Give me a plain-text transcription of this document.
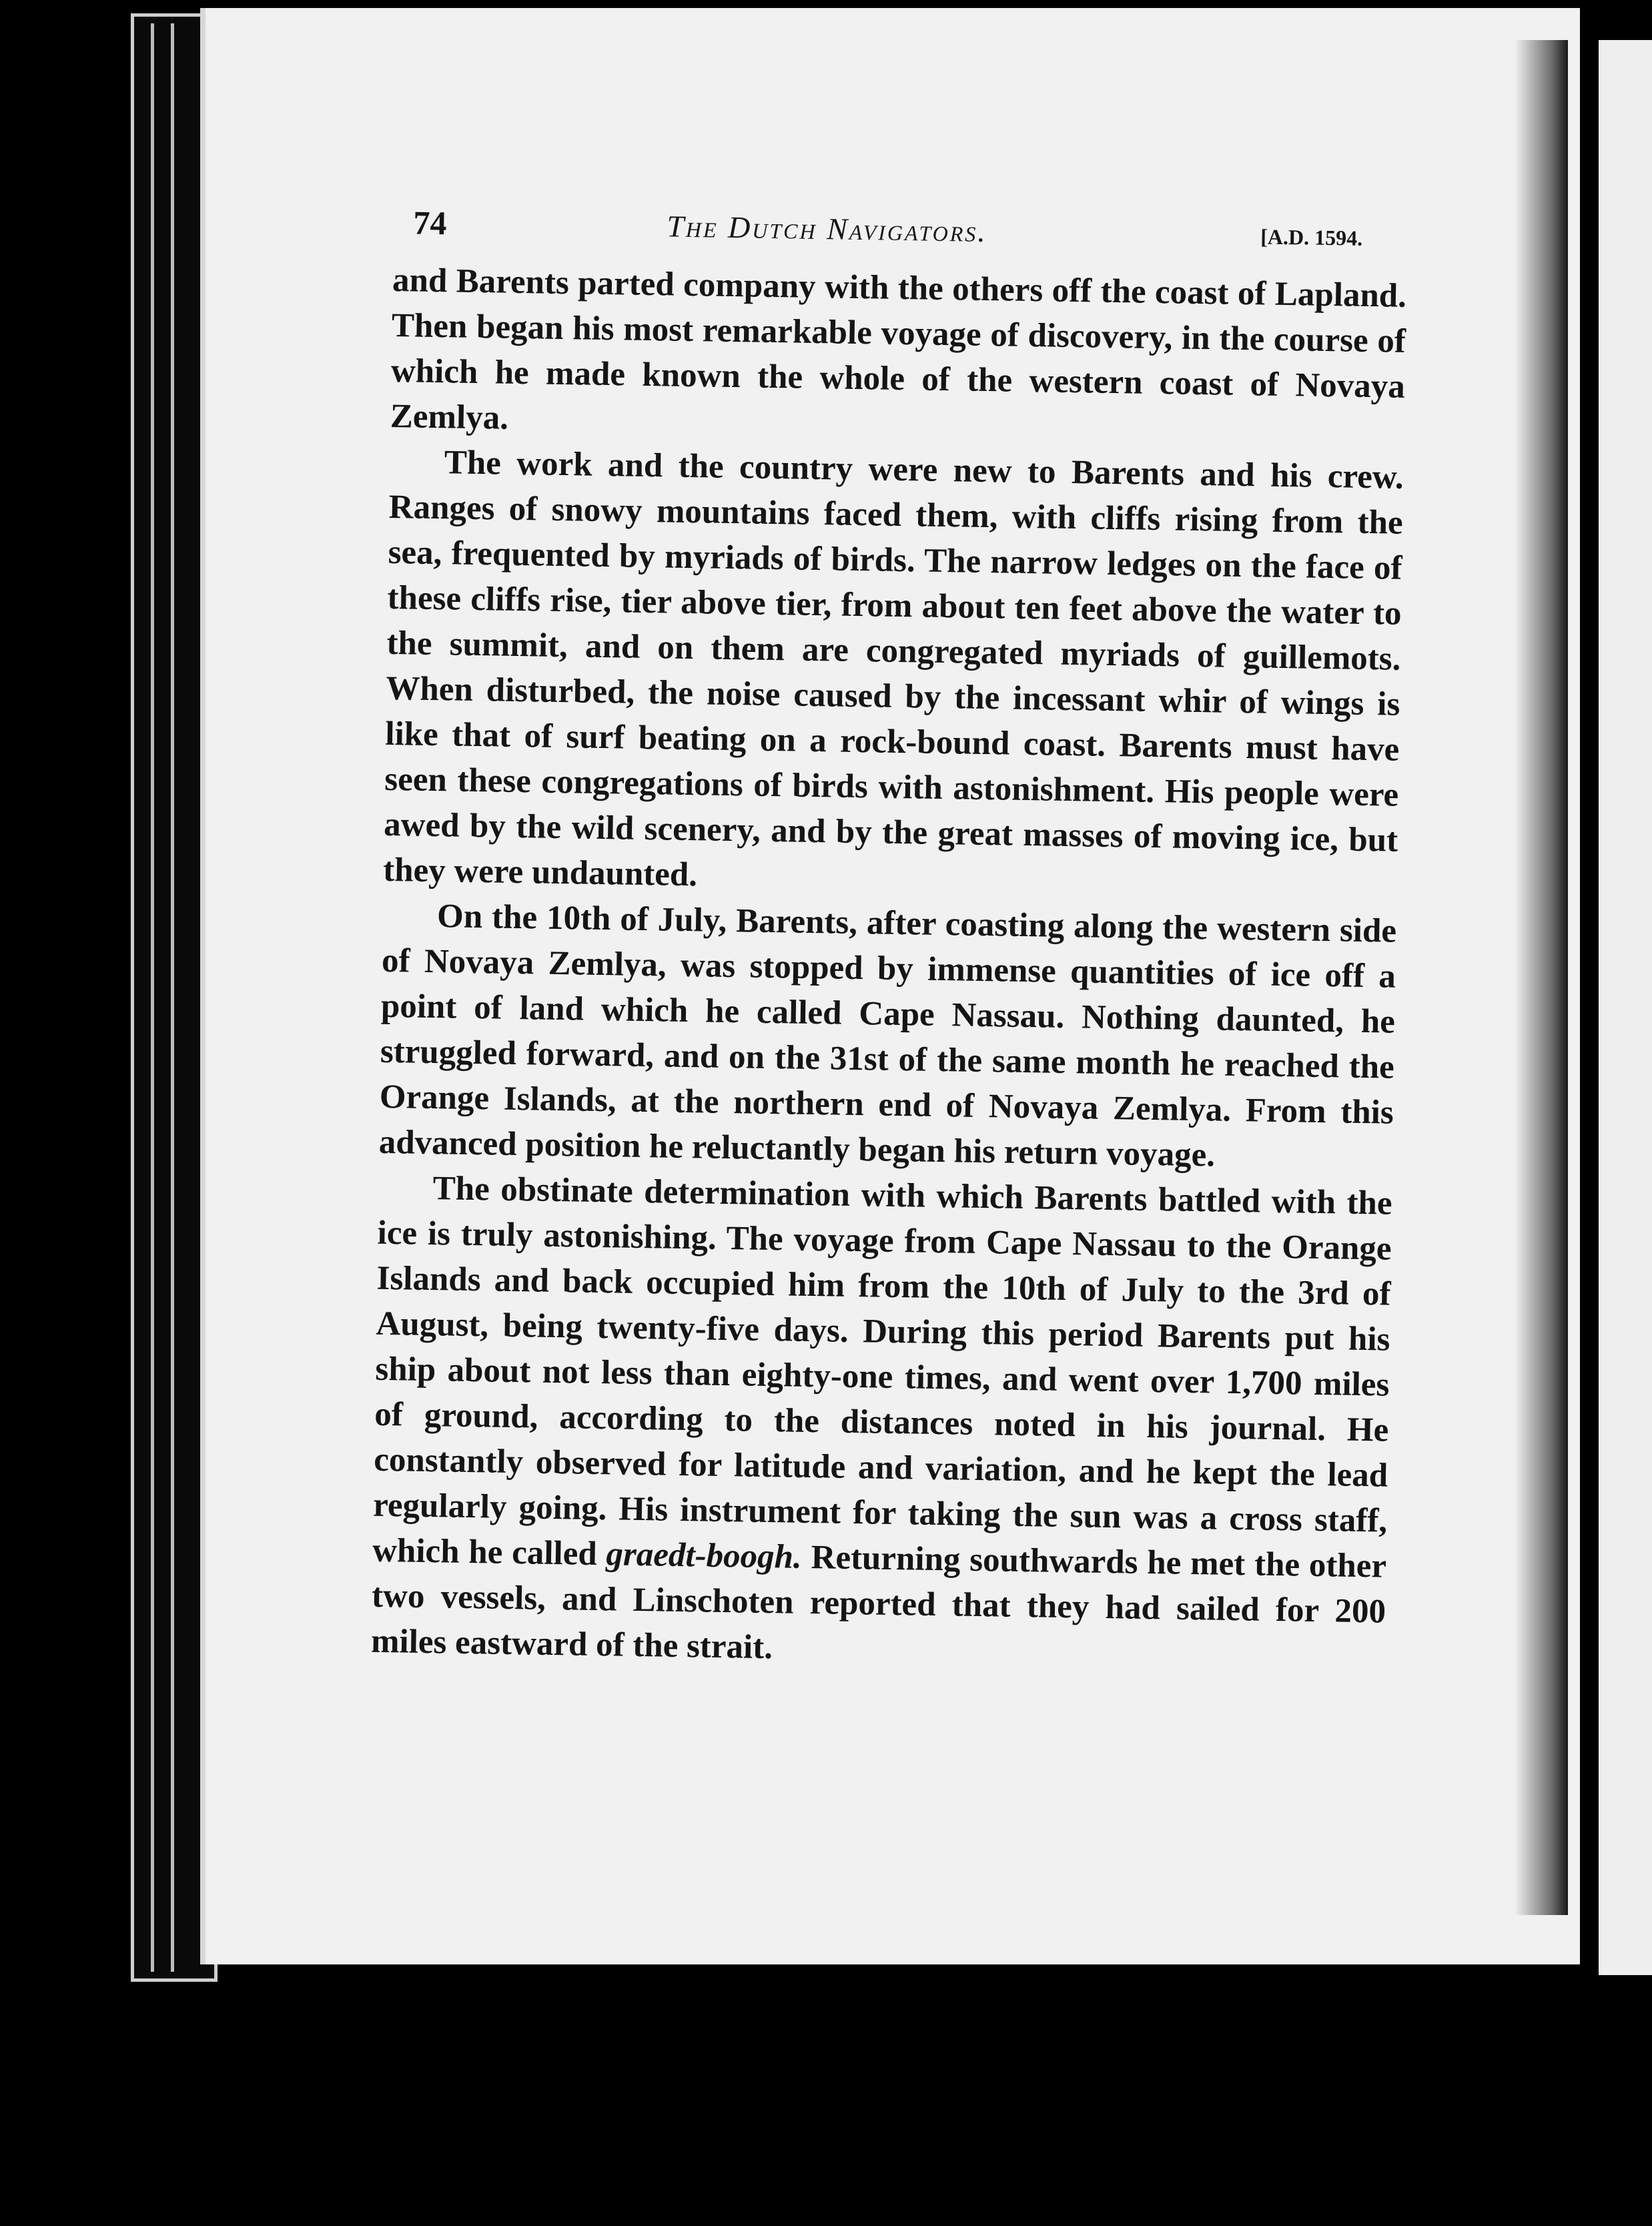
74	The Dutch Navigators.	[A.D. 1594.

and Barents parted company with the others off the coast of Lapland. Then began his most remarkable voyage of discovery, in the course of which he made known the whole of the western coast of Novaya Zemlya.

The work and the country were new to Barents and his crew. Ranges of snowy mountains faced them, with cliffs rising from the sea, frequented by myriads of birds. The narrow ledges on the face of these cliffs rise, tier above tier, from about ten feet above the water to the summit, and on them are congregated myriads of guillemots. When disturbed, the noise caused by the incessant whir of wings is like that of surf beating on a rock-bound coast. Barents must have seen these congregations of birds with astonishment. His people were awed by the wild scenery, and by the great masses of moving ice, but they were undaunted.

On the 10th of July, Barents, after coasting along the western side of Novaya Zemlya, was stopped by immense quantities of ice off a point of land which he called Cape Nassau. Nothing daunted, he struggled forward, and on the 31st of the same month he reached the Orange Islands, at the northern end of Novaya Zemlya. From this advanced position he reluctantly began his return voyage.

The obstinate determination with which Barents battled with the ice is truly astonishing. The voyage from Cape Nassau to the Orange Islands and back occupied him from the 10th of July to the 3rd of August, being twenty-five days. During this period Barents put his ship about not less than eighty-one times, and went over 1,700 miles of ground, according to the distances noted in his journal. He constantly observed for latitude and variation, and he kept the lead regularly going. His instrument for taking the sun was a cross staff, which he called graedt-boogh. Returning southwards he met the other two vessels, and Linschoten reported that they had sailed for 200 miles eastward of the strait.
